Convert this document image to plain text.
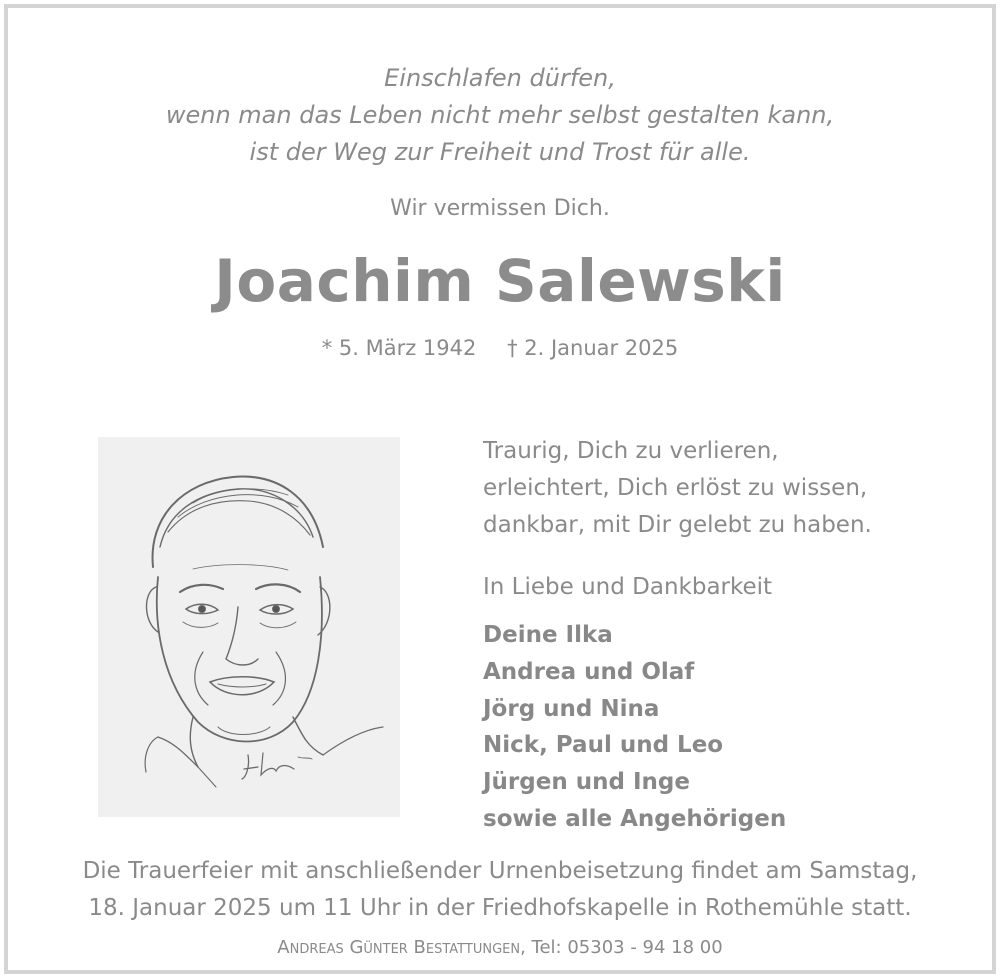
Einschlafen dürfen,
wenn man das Leben nicht mehr selbst gestalten kann,
ist der Weg zur Freiheit und Trost für alle.
Wir vermissen Dich.
Joachim Salewski
* 5. März 1942 † 2. Januar 2025
Traurig, Dich zu verlieren,
erleichtert, Dich erlöst zu wissen,
dankbar, mit Dir gelebt zu haben.
In Liebe und Dankbarkeit
Deine Ilka
Andrea und Olaf
Jörg und Nina
Nick, Paul und Leo
Jürgen und Inge
sowie alle Angehörigen
Die Trauerfeier mit anschließender Urnenbeisetzung findet am Samstag,
18. Januar 2025 um 11 Uhr in der Friedhofskapelle in Rothemühle statt.
Andreas Günter Bestattungen, Tel: 05303 - 94 18 00
